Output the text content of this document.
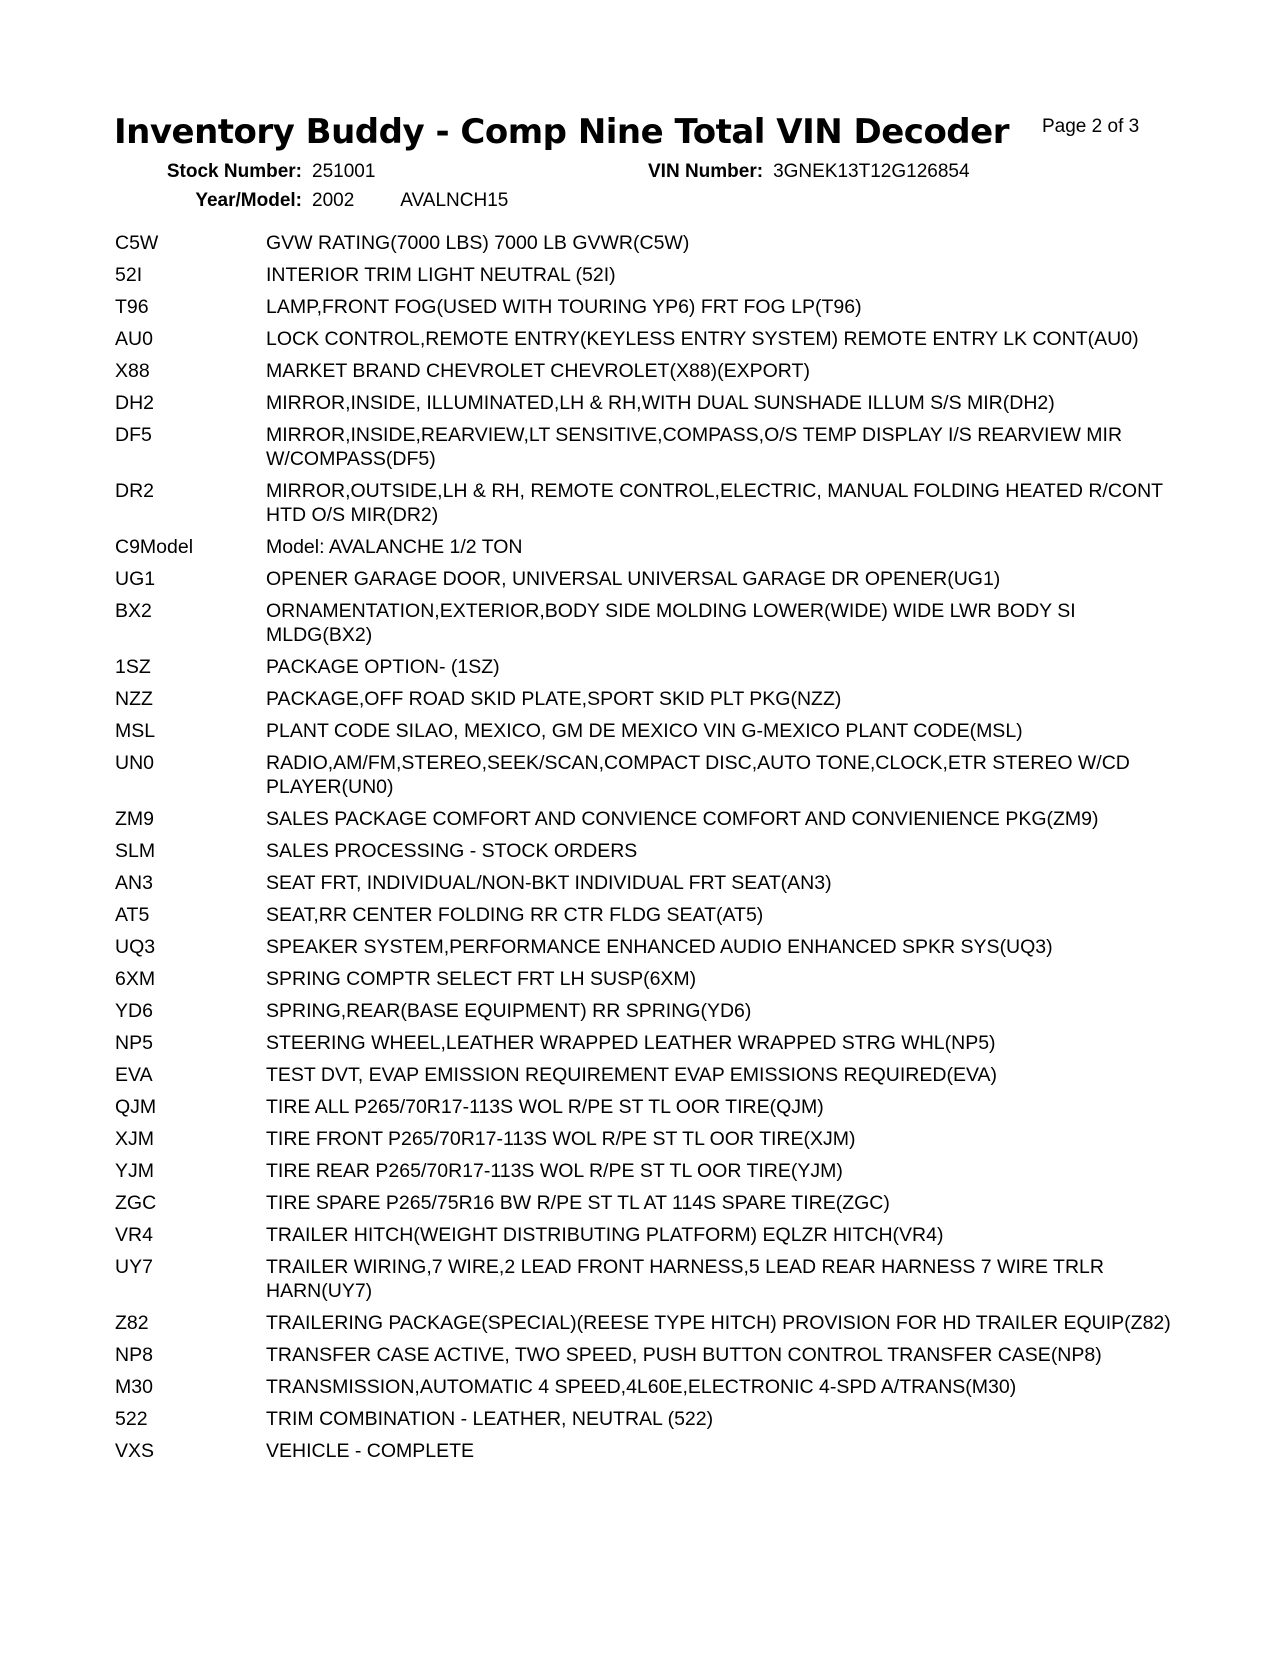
Inventory Buddy - Comp Nine Total VIN Decoder Page 2 of 3
Stock Number: 251001	VIN Number: 3GNEK13T12G126854
Year/Model: 2002 AVALNCH15
C5W	GVW RATING(7000 LBS) 7000 LB GVWR(C5W)
52I	INTERIOR TRIM LIGHT NEUTRAL (52I)
T96	LAMP,FRONT FOG(USED WITH TOURING YP6) FRT FOG LP(T96)
AU0	LOCK CONTROL,REMOTE ENTRY(KEYLESS ENTRY SYSTEM) REMOTE ENTRY LK CONT(AU0)
X88	MARKET BRAND CHEVROLET CHEVROLET(X88)(EXPORT)
DH2	MIRROR,INSIDE, ILLUMINATED,LH & RH,WITH DUAL SUNSHADE ILLUM S/S MIR(DH2)
DF5	MIRROR,INSIDE,REARVIEW,LT SENSITIVE,COMPASS,O/S TEMP DISPLAY I/S REARVIEW MIR W/COMPASS(DF5)
DR2	MIRROR,OUTSIDE,LH & RH, REMOTE CONTROL,ELECTRIC, MANUAL FOLDING HEATED R/CONT HTD O/S MIR(DR2)
C9Model	Model: AVALANCHE 1/2 TON
UG1	OPENER GARAGE DOOR, UNIVERSAL UNIVERSAL GARAGE DR OPENER(UG1)
BX2	ORNAMENTATION,EXTERIOR,BODY SIDE MOLDING LOWER(WIDE) WIDE LWR BODY SI MLDG(BX2)
1SZ	PACKAGE OPTION- (1SZ)
NZZ	PACKAGE,OFF ROAD SKID PLATE,SPORT SKID PLT PKG(NZZ)
MSL	PLANT CODE SILAO, MEXICO, GM DE MEXICO VIN G-MEXICO PLANT CODE(MSL)
UN0	RADIO,AM/FM,STEREO,SEEK/SCAN,COMPACT DISC,AUTO TONE,CLOCK,ETR STEREO W/CD PLAYER(UN0)
ZM9	SALES PACKAGE COMFORT AND CONVIENCE COMFORT AND CONVIENIENCE PKG(ZM9)
SLM	SALES PROCESSING - STOCK ORDERS
AN3	SEAT FRT, INDIVIDUAL/NON-BKT INDIVIDUAL FRT SEAT(AN3)
AT5	SEAT,RR CENTER FOLDING RR CTR FLDG SEAT(AT5)
UQ3	SPEAKER SYSTEM,PERFORMANCE ENHANCED AUDIO ENHANCED SPKR SYS(UQ3)
6XM	SPRING COMPTR SELECT FRT LH SUSP(6XM)
YD6	SPRING,REAR(BASE EQUIPMENT) RR SPRING(YD6)
NP5	STEERING WHEEL,LEATHER WRAPPED LEATHER WRAPPED STRG WHL(NP5)
EVA	TEST DVT, EVAP EMISSION REQUIREMENT EVAP EMISSIONS REQUIRED(EVA)
QJM	TIRE ALL P265/70R17-113S WOL R/PE ST TL OOR TIRE(QJM)
XJM	TIRE FRONT P265/70R17-113S WOL R/PE ST TL OOR TIRE(XJM)
YJM	TIRE REAR P265/70R17-113S WOL R/PE ST TL OOR TIRE(YJM)
ZGC	TIRE SPARE P265/75R16 BW R/PE ST TL AT 114S SPARE TIRE(ZGC)
VR4	TRAILER HITCH(WEIGHT DISTRIBUTING PLATFORM) EQLZR HITCH(VR4)
UY7	TRAILER WIRING,7 WIRE,2 LEAD FRONT HARNESS,5 LEAD REAR HARNESS 7 WIRE TRLR HARN(UY7)
Z82	TRAILERING PACKAGE(SPECIAL)(REESE TYPE HITCH) PROVISION FOR HD TRAILER EQUIP(Z82)
NP8	TRANSFER CASE ACTIVE, TWO SPEED, PUSH BUTTON CONTROL TRANSFER CASE(NP8)
M30	TRANSMISSION,AUTOMATIC 4 SPEED,4L60E,ELECTRONIC 4-SPD A/TRANS(M30)
522	TRIM COMBINATION - LEATHER, NEUTRAL (522)
VXS	VEHICLE - COMPLETE
